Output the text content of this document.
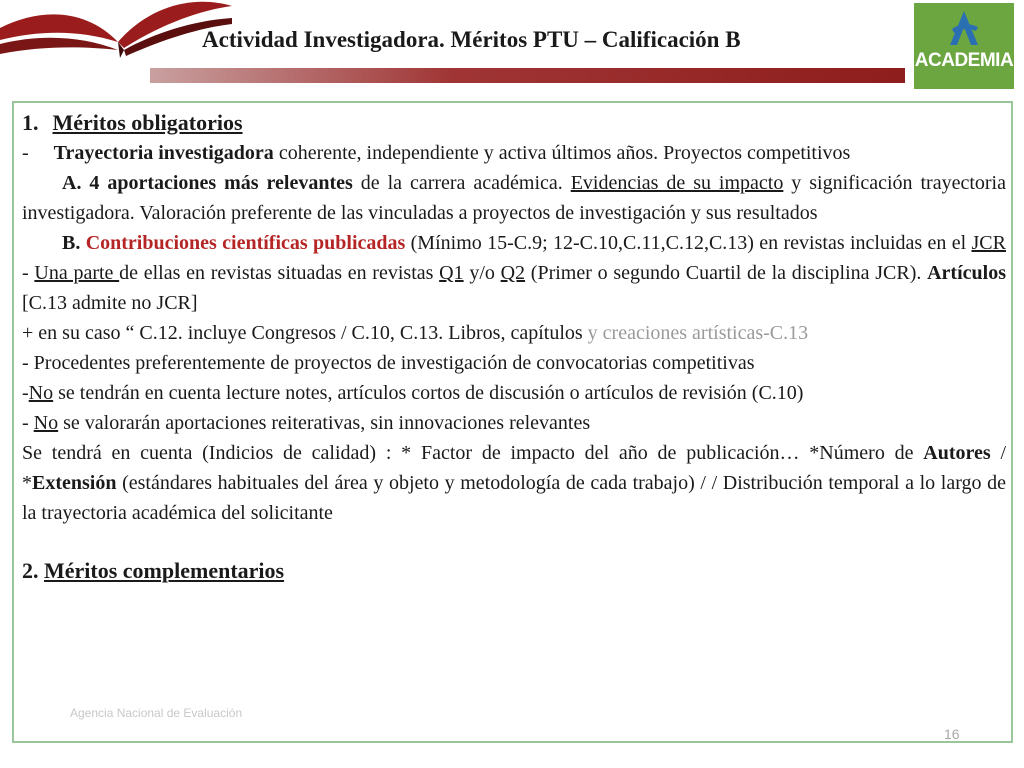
Actividad Investigadora. Méritos PTU – Calificación B
ACADEMIA

1. Méritos obligatorios

- Trayectoria investigadora coherente, independiente y activa últimos años. Proyectos competitivos

A. 4 aportaciones más relevantes de la carrera académica. Evidencias de su impacto y significación trayectoria investigadora. Valoración preferente de las vinculadas a proyectos de investigación y sus resultados

B. Contribuciones científicas publicadas (Mínimo 15-C.9; 12-C.10,C.11,C.12,C.13) en revistas incluidas en el JCR - Una parte de ellas en revistas situadas en revistas Q1 y/o Q2 (Primer o segundo Cuartil de la disciplina JCR). Artículos [C.13 admite no JCR]

+ en su caso “ C.12. incluye Congresos / C.10, C.13. Libros, capítulos y creaciones artísticas-C.13

- Procedentes preferentemente de proyectos de investigación de convocatorias competitivas

-No se tendrán en cuenta lecture notes, artículos cortos de discusión o artículos de revisión (C.10)

- No se valorarán aportaciones reiterativas, sin innovaciones relevantes

Se tendrá en cuenta (Indicios de calidad) : * Factor de impacto del año de publicación… *Número de Autores / *Extensión (estándares habituales del área y objeto y metodología de cada trabajo) / / Distribución temporal a lo largo de la trayectoria académica del solicitante

2. Méritos complementarios

Agencia Nacional de Evaluación
16
